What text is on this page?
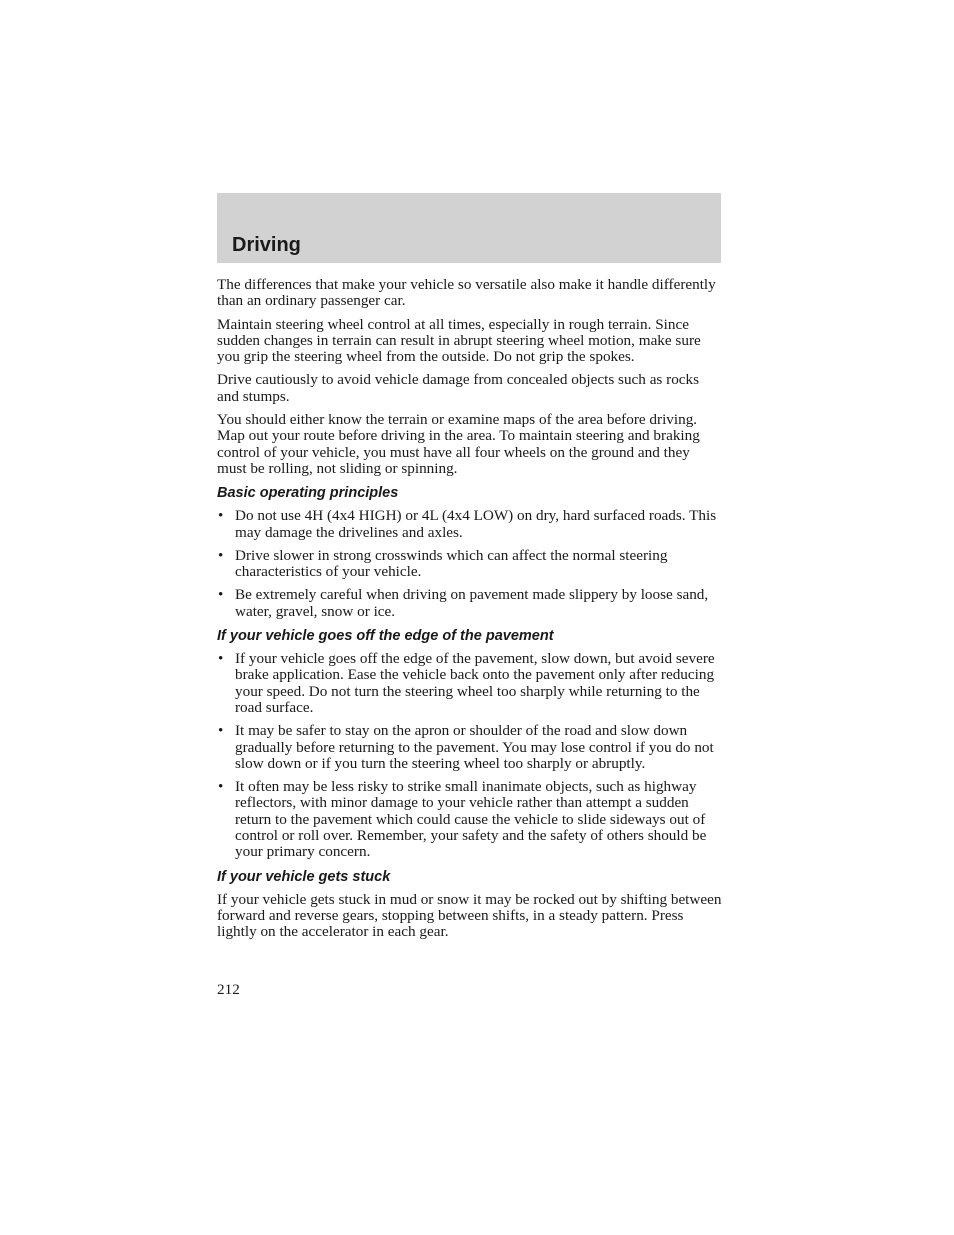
Driving

The differences that make your vehicle so versatile also make it handle differently than an ordinary passenger car.

Maintain steering wheel control at all times, especially in rough terrain. Since sudden changes in terrain can result in abrupt steering wheel motion, make sure you grip the steering wheel from the outside. Do not grip the spokes.

Drive cautiously to avoid vehicle damage from concealed objects such as rocks and stumps.

You should either know the terrain or examine maps of the area before driving. Map out your route before driving in the area. To maintain steering and braking control of your vehicle, you must have all four wheels on the ground and they must be rolling, not sliding or spinning.

Basic operating principles
• Do not use 4H (4x4 HIGH) or 4L (4x4 LOW) on dry, hard surfaced roads. This may damage the drivelines and axles.
• Drive slower in strong crosswinds which can affect the normal steering characteristics of your vehicle.
• Be extremely careful when driving on pavement made slippery by loose sand, water, gravel, snow or ice.
If your vehicle goes off the edge of the pavement
• If your vehicle goes off the edge of the pavement, slow down, but avoid severe brake application. Ease the vehicle back onto the pavement only after reducing your speed. Do not turn the steering wheel too sharply while returning to the road surface.
• It may be safer to stay on the apron or shoulder of the road and slow down gradually before returning to the pavement. You may lose control if you do not slow down or if you turn the steering wheel too sharply or abruptly.
• It often may be less risky to strike small inanimate objects, such as highway reflectors, with minor damage to your vehicle rather than attempt a sudden return to the pavement which could cause the vehicle to slide sideways out of control or roll over. Remember, your safety and the safety of others should be your primary concern.
If your vehicle gets stuck

If your vehicle gets stuck in mud or snow it may be rocked out by shifting between forward and reverse gears, stopping between shifts, in a steady pattern. Press lightly on the accelerator in each gear.

212
